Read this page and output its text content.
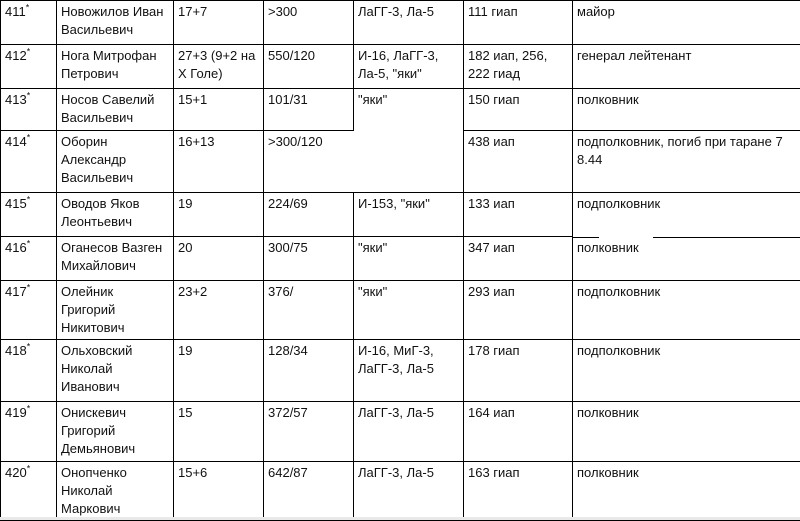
411*	Новожилов Иван Васильевич	17+7	>300	ЛаГГ-3, Ла-5	111 гиап	майор
412*	Нога Митрофан Петрович	27+3 (9+2 на Х Голе)	550/120	И-16, ЛаГГ-3, Ла-5, "яки"	182 иап, 256, 222 гиад	генерал лейтенант
413*	Носов Савелий Васильевич	15+1	101/31	"яки"	150 гиап	полковник
414*	Оборин Александр Васильевич	16+13	>300/120		438 иап	подполковник, погиб при таране 7 8.44
415*	Оводов Яков Леонтьевич	19	224/69	И-153, "яки"	133 иап	подполковник
416*	Оганесов Вазген Михайлович	20	300/75	"яки"	347 иап	полковник
417*	Олейник Григорий Никитович	23+2	376/	"яки"	293 иап	подполковник
418*	Ольховский Николай Иванович	19	128/34	И-16, МиГ-3, ЛаГГ-3, Ла-5	178 гиап	подполковник
419*	Онискевич Григорий Демьянович	15	372/57	ЛаГГ-3, Ла-5	164 иап	полковник
420*	Онопченко Николай Маркович	15+6	642/87	ЛаГГ-3, Ла-5	163 гиап	полковник
